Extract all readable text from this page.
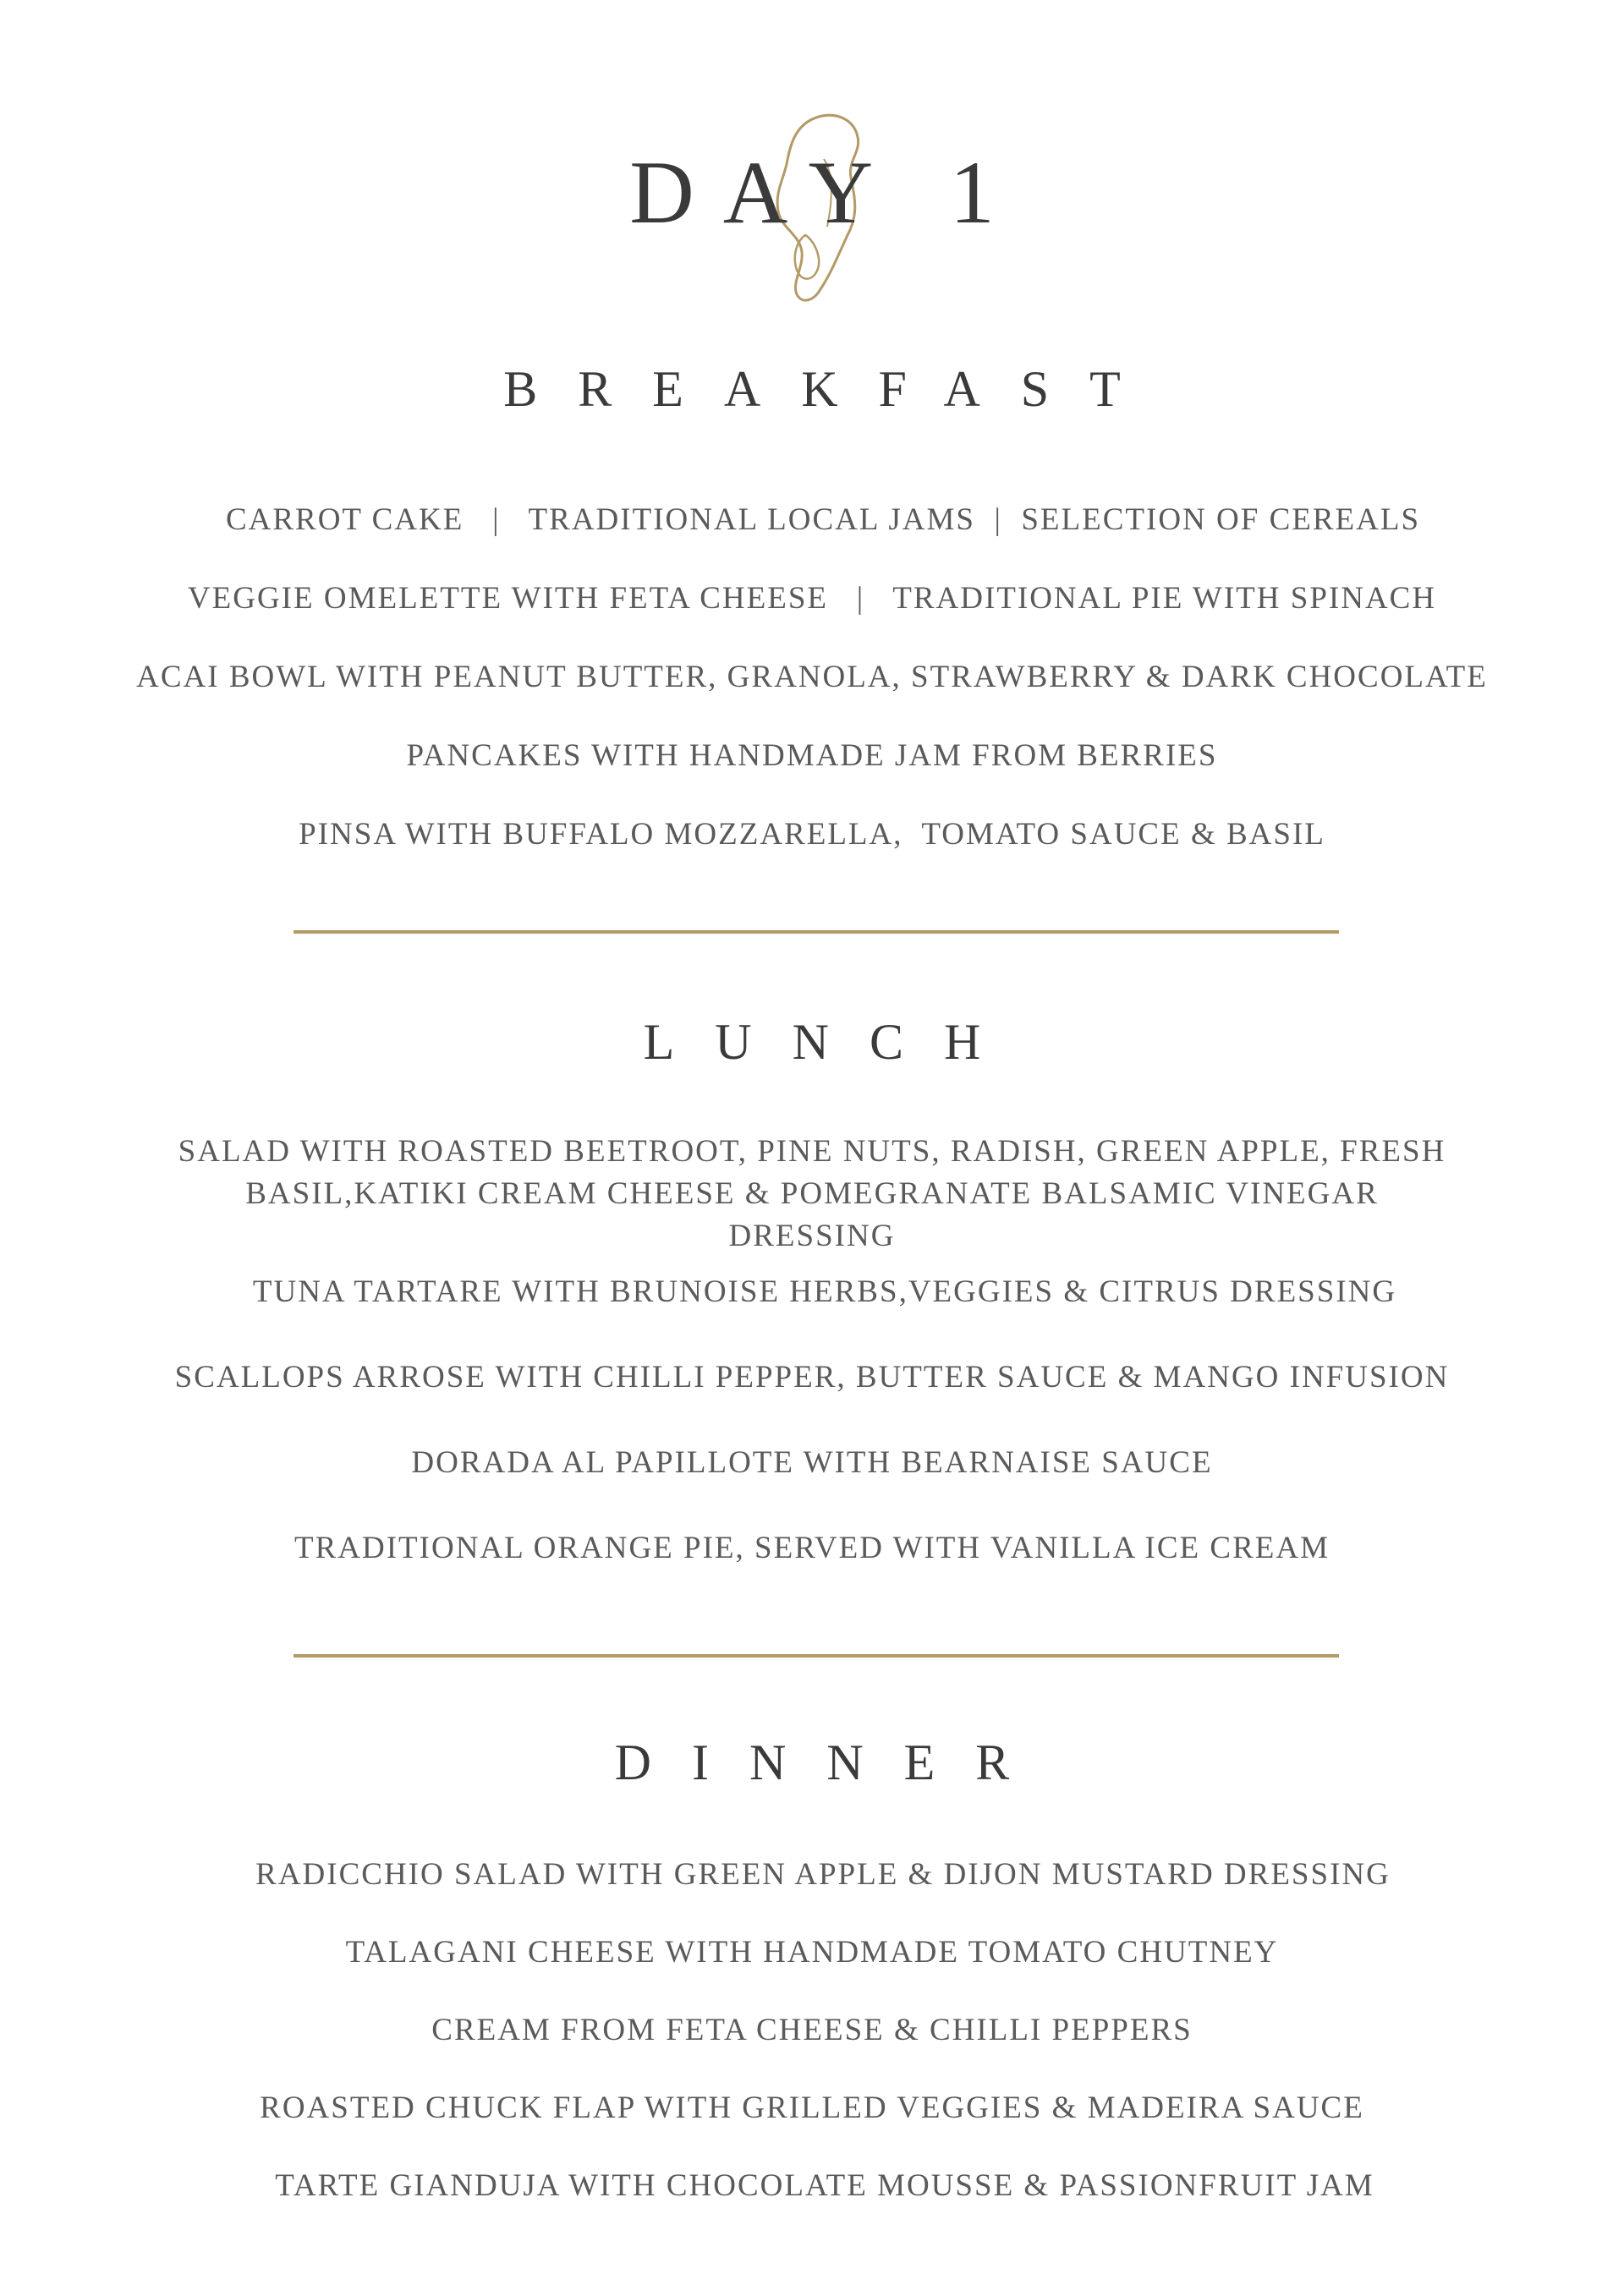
DAY 1
BREAKFAST
CARROT CAKE   |   TRADITIONAL LOCAL JAMS  |  SELECTION OF CEREALS
VEGGIE OMELETTE WITH FETA CHEESE   |   TRADITIONAL PIE WITH SPINACH
ACAI BOWL WITH PEANUT BUTTER, GRANOLA, STRAWBERRY & DARK CHOCOLATE
PANCAKES WITH HANDMADE JAM FROM BERRIES
PINSA WITH BUFFALO MOZZARELLA,  TOMATO SAUCE & BASIL
LUNCH
SALAD WITH ROASTED BEETROOT, PINE NUTS, RADISH, GREEN APPLE, FRESH
BASIL,KATIKI CREAM CHEESE & POMEGRANATE BALSAMIC VINEGAR
DRESSING
TUNA TARTARE WITH BRUNOISE HERBS,VEGGIES & CITRUS DRESSING
SCALLOPS ARROSE WITH CHILLI PEPPER, BUTTER SAUCE & MANGO INFUSION
DORADA AL PAPILLOTE WITH BEARNAISE SAUCE
TRADITIONAL ORANGE PIE, SERVED WITH VANILLA ICE CREAM
DINNER
RADICCHIO SALAD WITH GREEN APPLE & DIJON MUSTARD DRESSING
TALAGANI CHEESE WITH HANDMADE TOMATO CHUTNEY
CREAM FROM FETA CHEESE & CHILLI PEPPERS
ROASTED CHUCK FLAP WITH GRILLED VEGGIES & MADEIRA SAUCE
TARTE GIANDUJA WITH CHOCOLATE MOUSSE & PASSIONFRUIT JAM
